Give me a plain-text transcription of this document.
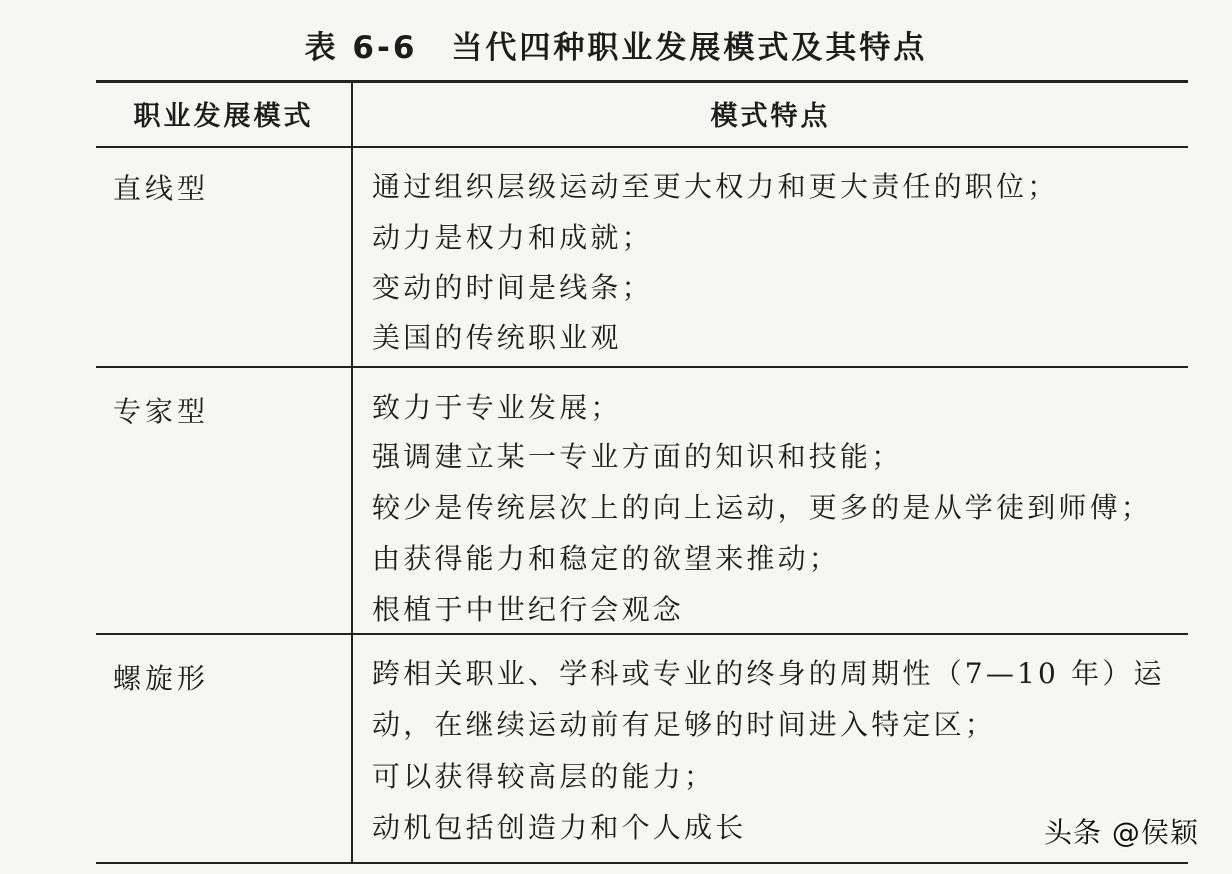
表 6-6 当代四种职业发展模式及其特点
职业发展模式	模式特点
直线型	通过组织层级运动至更大权力和更大责任的职位；
动力是权力和成就；
变动的时间是线条；
美国的传统职业观
专家型	致力于专业发展；
强调建立某一专业方面的知识和技能；
较少是传统层次上的向上运动，更多的是从学徒到师傅；
由获得能力和稳定的欲望来推动；
根植于中世纪行会观念
螺旋形	跨相关职业、学科或专业的终身的周期性（7—10 年）运
动，在继续运动前有足够的时间进入特定区；
可以获得较高层的能力；
动机包括创造力和个人成长	头条 @侯颖
